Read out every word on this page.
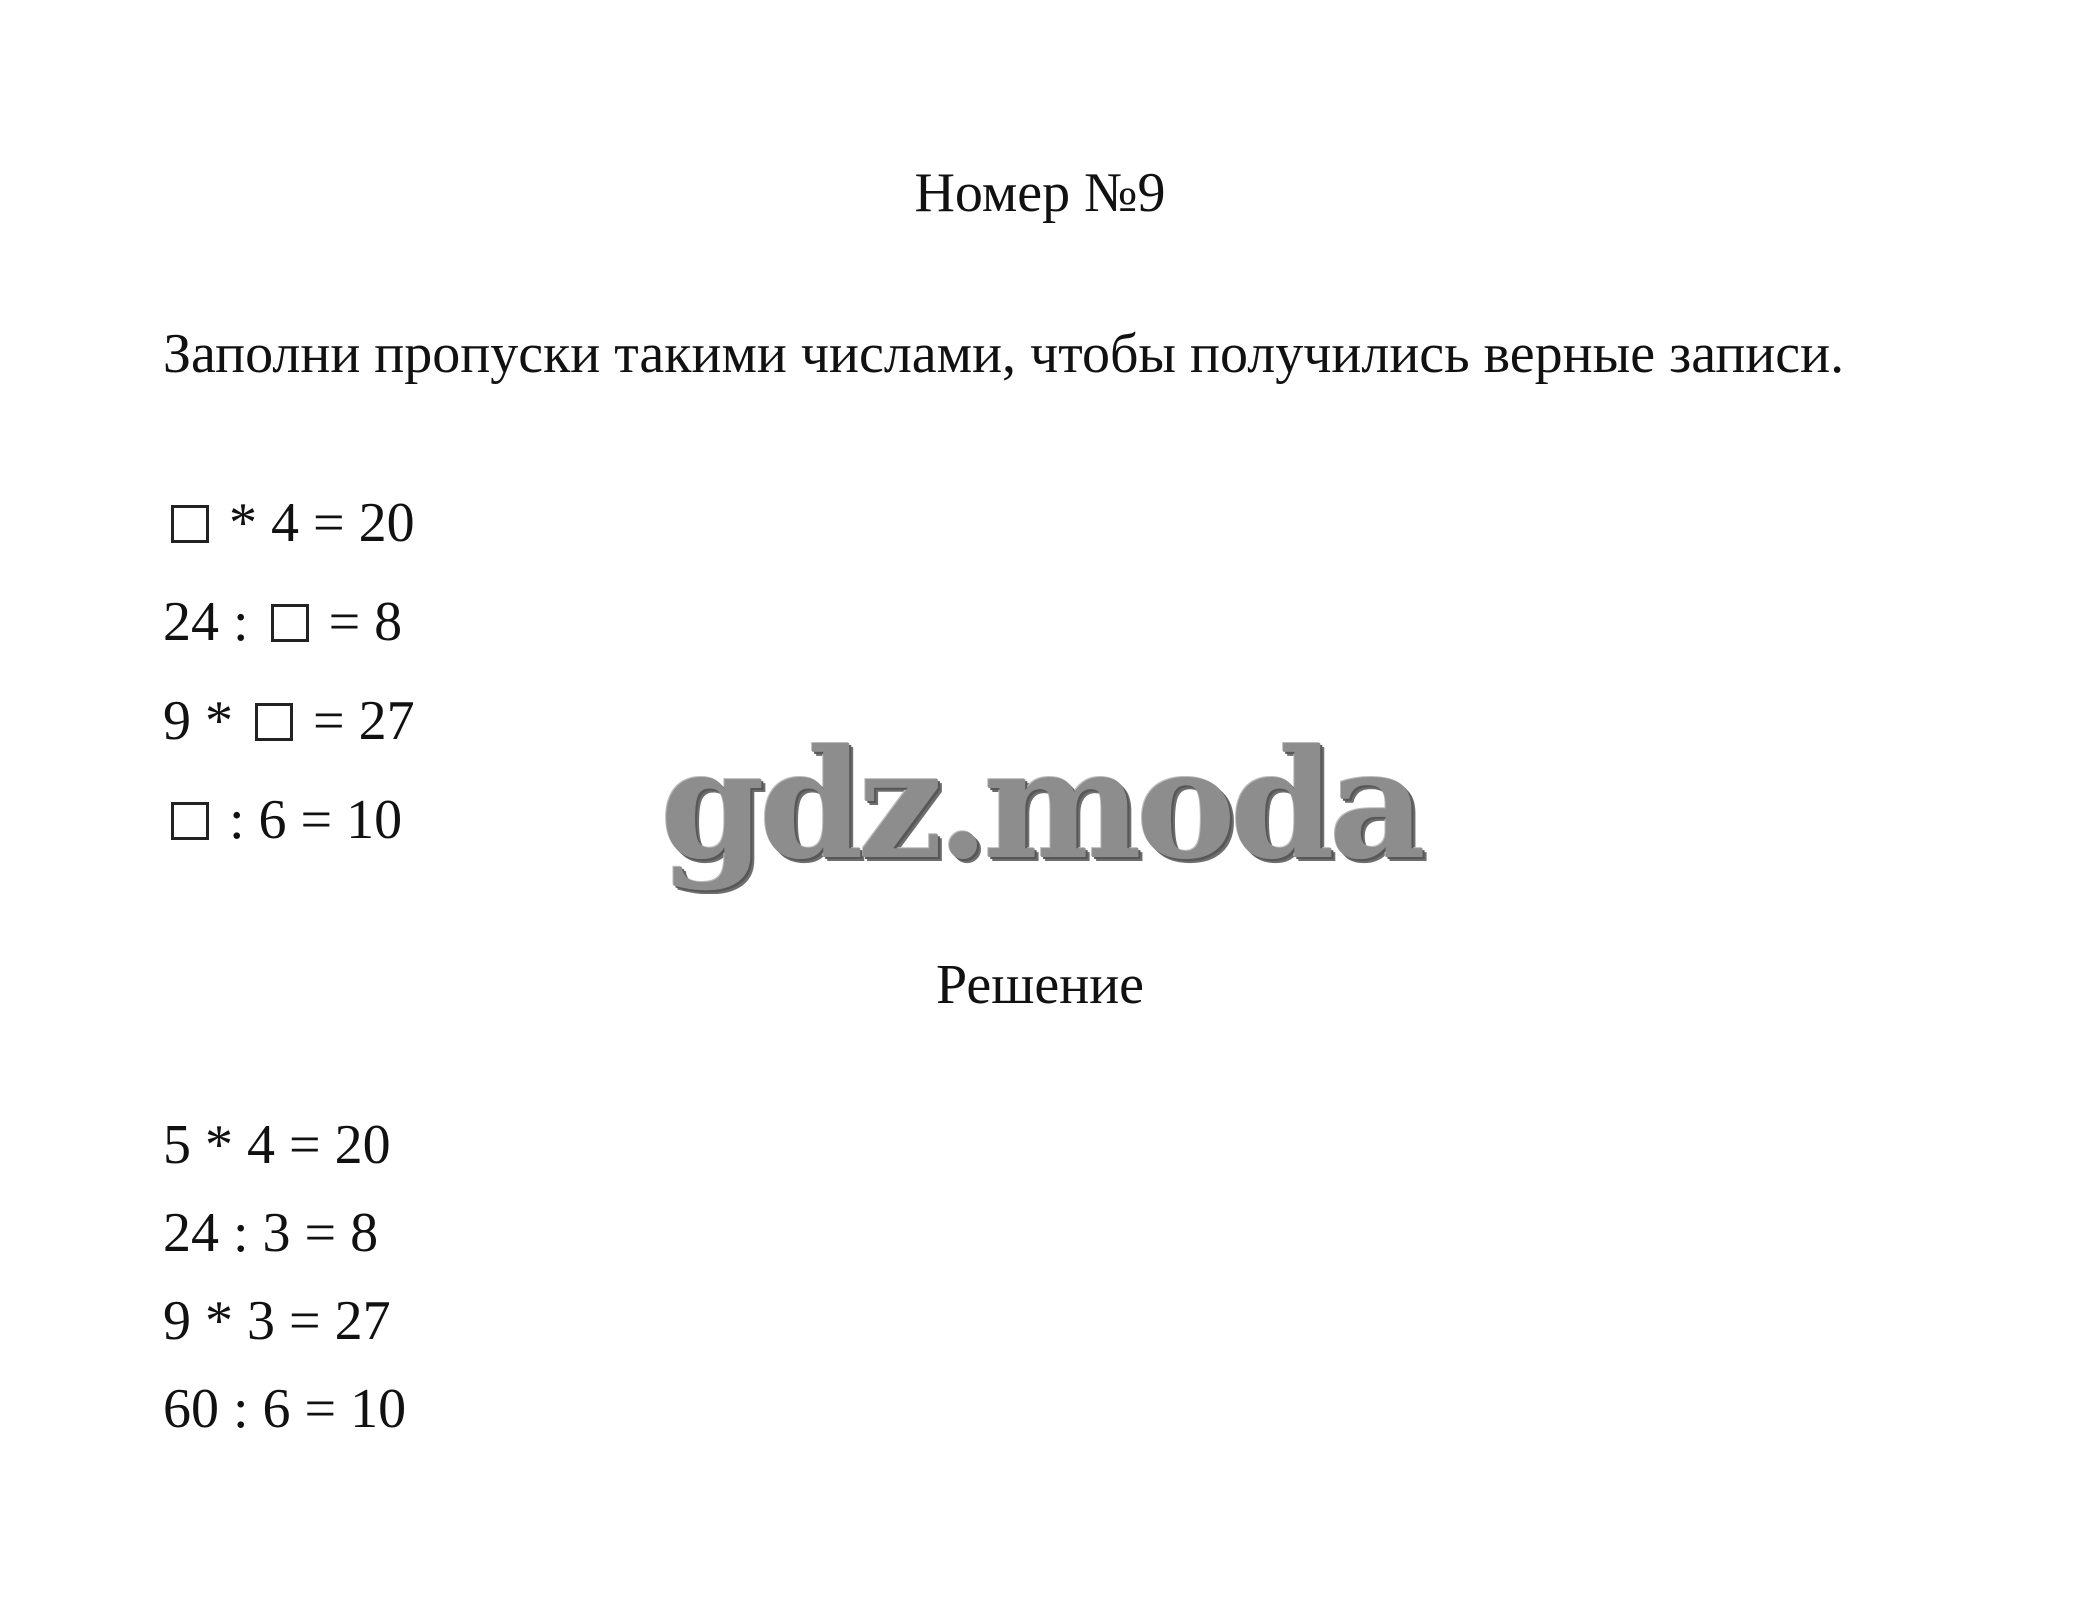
Номер №9

Заполни пропуски такими числами, чтобы получились верные записи.

* 4 = 20
24 :  = 8
9 *  = 27
: 6 = 10 gdz.moda
Решение
5 * 4 = 20
24 : 3 = 8
9 * 3 = 27
60 : 6 = 10
